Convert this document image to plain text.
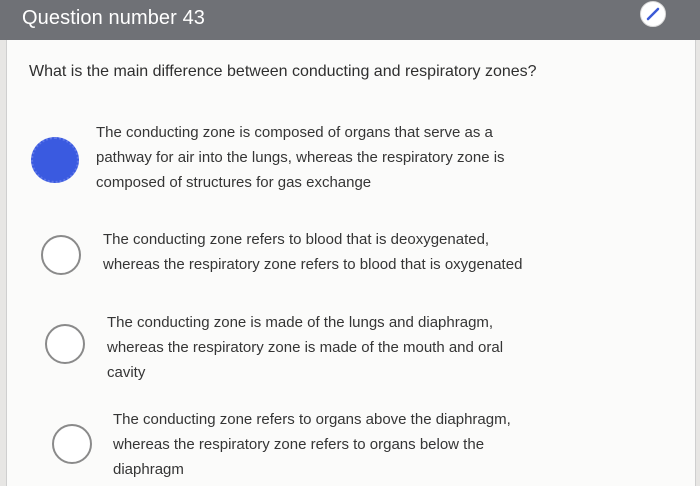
Question number 43
What is the main difference between conducting and respiratory zones?
The conducting zone is composed of organs that serve as a
pathway for air into the lungs, whereas the respiratory zone is
composed of structures for gas exchange
The conducting zone refers to blood that is deoxygenated,
whereas the respiratory zone refers to blood that is oxygenated
The conducting zone is made of the lungs and diaphragm,
whereas the respiratory zone is made of the mouth and oral
cavity
The conducting zone refers to organs above the diaphragm,
whereas the respiratory zone refers to organs below the
diaphragm
